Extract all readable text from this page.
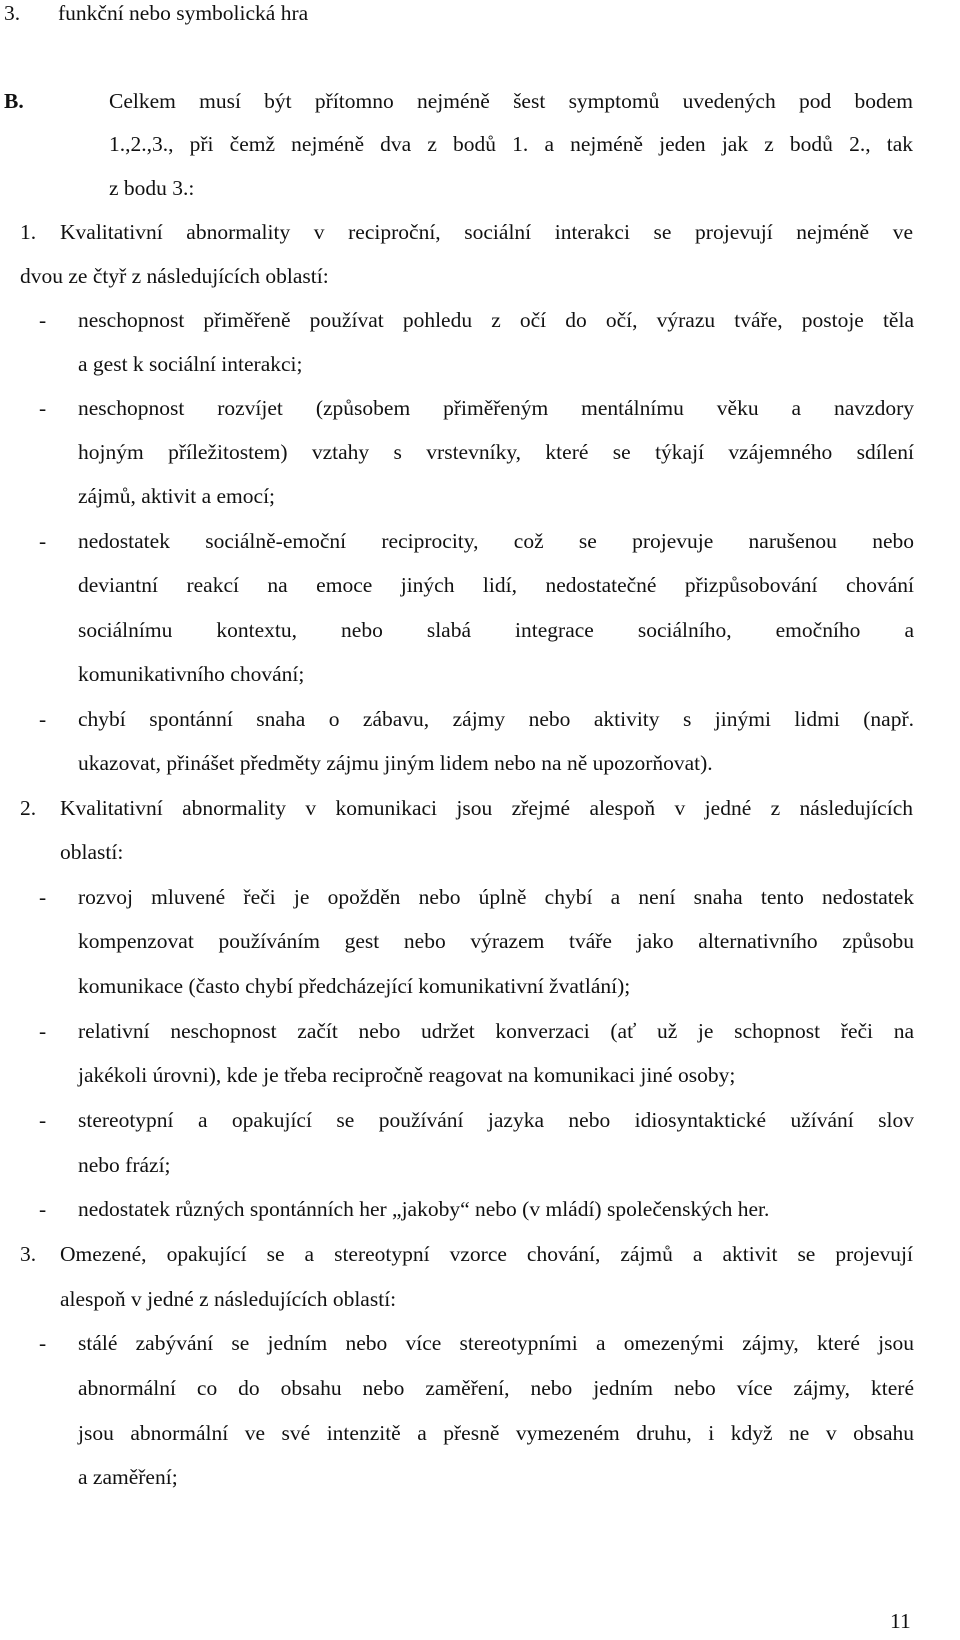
3. funkční nebo symbolická hra
B.	Celkem musí být přítomno nejméně šest symptomů uvedených pod bodem
1.,2.,3., při čemž nejméně dva z bodů 1. a nejméně jeden jak z bodů 2., tak
z bodu 3.:
1. Kvalitativní abnormality v reciproční, sociální interakci se projevují nejméně ve
dvou ze čtyř z následujících oblastí:
- neschopnost přiměřeně používat pohledu z očí do očí, výrazu tváře, postoje těla
a gest k sociální interakci;
- neschopnost rozvíjet (způsobem přiměřeným mentálnímu věku a navzdory
hojným příležitostem) vztahy s vrstevníky, které se týkají vzájemného sdílení
zájmů, aktivit a emocí;
- nedostatek sociálně-emoční reciprocity, což se projevuje narušenou nebo
deviantní reakcí na emoce jiných lidí, nedostatečné přizpůsobování chování
sociálnímu kontextu, nebo slabá integrace sociálního, emočního a
komunikativního chování;
- chybí spontánní snaha o zábavu, zájmy nebo aktivity s jinými lidmi (např.
ukazovat, přinášet předměty zájmu jiným lidem nebo na ně upozorňovat).
2. Kvalitativní abnormality v komunikaci jsou zřejmé alespoň v jedné z následujících
oblastí:
- rozvoj mluvené řeči je opožděn nebo úplně chybí a není snaha tento nedostatek
kompenzovat používáním gest nebo výrazem tváře jako alternativního způsobu
komunikace (často chybí předcházející komunikativní žvatlání);
- relativní neschopnost začít nebo udržet konverzaci (ať už je schopnost řeči na
jakékoli úrovni), kde je třeba recipročně reagovat na komunikaci jiné osoby;
- stereotypní a opakující se používání jazyka nebo idiosyntaktické užívání slov
nebo frází;
- nedostatek různých spontánních her „jakoby“ nebo (v mládí) společenských her.
3. Omezené, opakující se a stereotypní vzorce chování, zájmů a aktivit se projevují
alespoň v jedné z následujících oblastí:
- stálé zabývání se jedním nebo více stereotypními a omezenými zájmy, které jsou
abnormální co do obsahu nebo zaměření, nebo jedním nebo více zájmy, které
jsou abnormální ve své intenzitě a přesně vymezeném druhu, i když ne v obsahu
a zaměření;
11
